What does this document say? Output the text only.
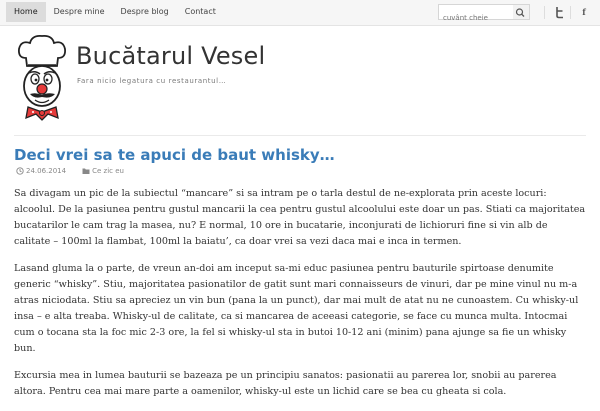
Home	Despre mine	Despre blog	Contact
cuvânt cheie	f
Bucătarul Vesel
Fara nicio legatura cu restaurantul…
Deci vrei sa te apuci de baut whisky…
24.06.2014	Ce zic eu

Sa divagam un pic de la subiectul “mancare” si sa intram pe o tarla destul de ne-explorata prin aceste locuri: alcoolul. De la pasiunea pentru gustul mancarii la cea pentru gustul alcoolului este doar un pas. Stiati ca majoritatea bucatarilor le cam trag la masea, nu? E normal, 10 ore in bucatarie, inconjurati de lichioruri fine si vin alb de calitate – 100ml la flambat, 100ml la baiatu’, ca doar vrei sa vezi daca mai e inca in termen.

Lasand gluma la o parte, de vreun an-doi am inceput sa-mi educ pasiunea pentru bauturile spirtoase denumite generic “whisky”. Stiu, majoritatea pasionatilor de gatit sunt mari connaisseurs de vinuri, dar pe mine vinul nu m-a atras niciodata. Stiu sa apreciez un vin bun (pana la un punct), dar mai mult de atat nu ne cunoastem. Cu whisky-ul insa – e alta treaba. Whisky-ul de calitate, ca si mancarea de aceeasi categorie, se face cu munca multa. Intocmai cum o tocana sta la foc mic 2-3 ore, la fel si whisky-ul sta in butoi 10-12 ani (minim) pana ajunge sa fie un whisky bun.

Excursia mea in lumea bauturii se bazeaza pe un principiu sanatos: pasionatii au parerea lor, snobii au parerea altora. Pentru cea mai mare parte a oamenilor, whisky-ul este un lichid care se bea cu gheata si cola.
